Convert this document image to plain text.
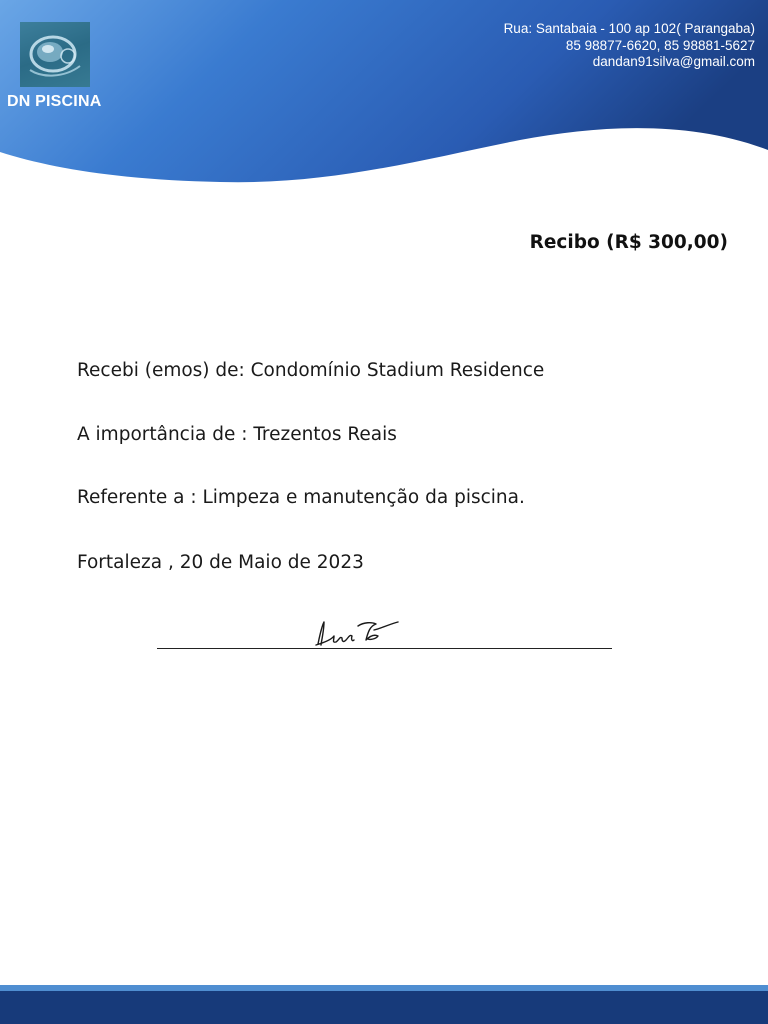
DN PISCINA
Rua: Santabaia - 100 ap 102( Parangaba)
85 98877-6620, 85 98881-5627
dandan91silva@gmail.com
Recibo (R$ 300,00)
Recebi (emos) de: Condomínio Stadium Residence
A importância de : Trezentos Reais
Referente a : Limpeza e manutenção da piscina.
Fortaleza , 20 de Maio de 2023
